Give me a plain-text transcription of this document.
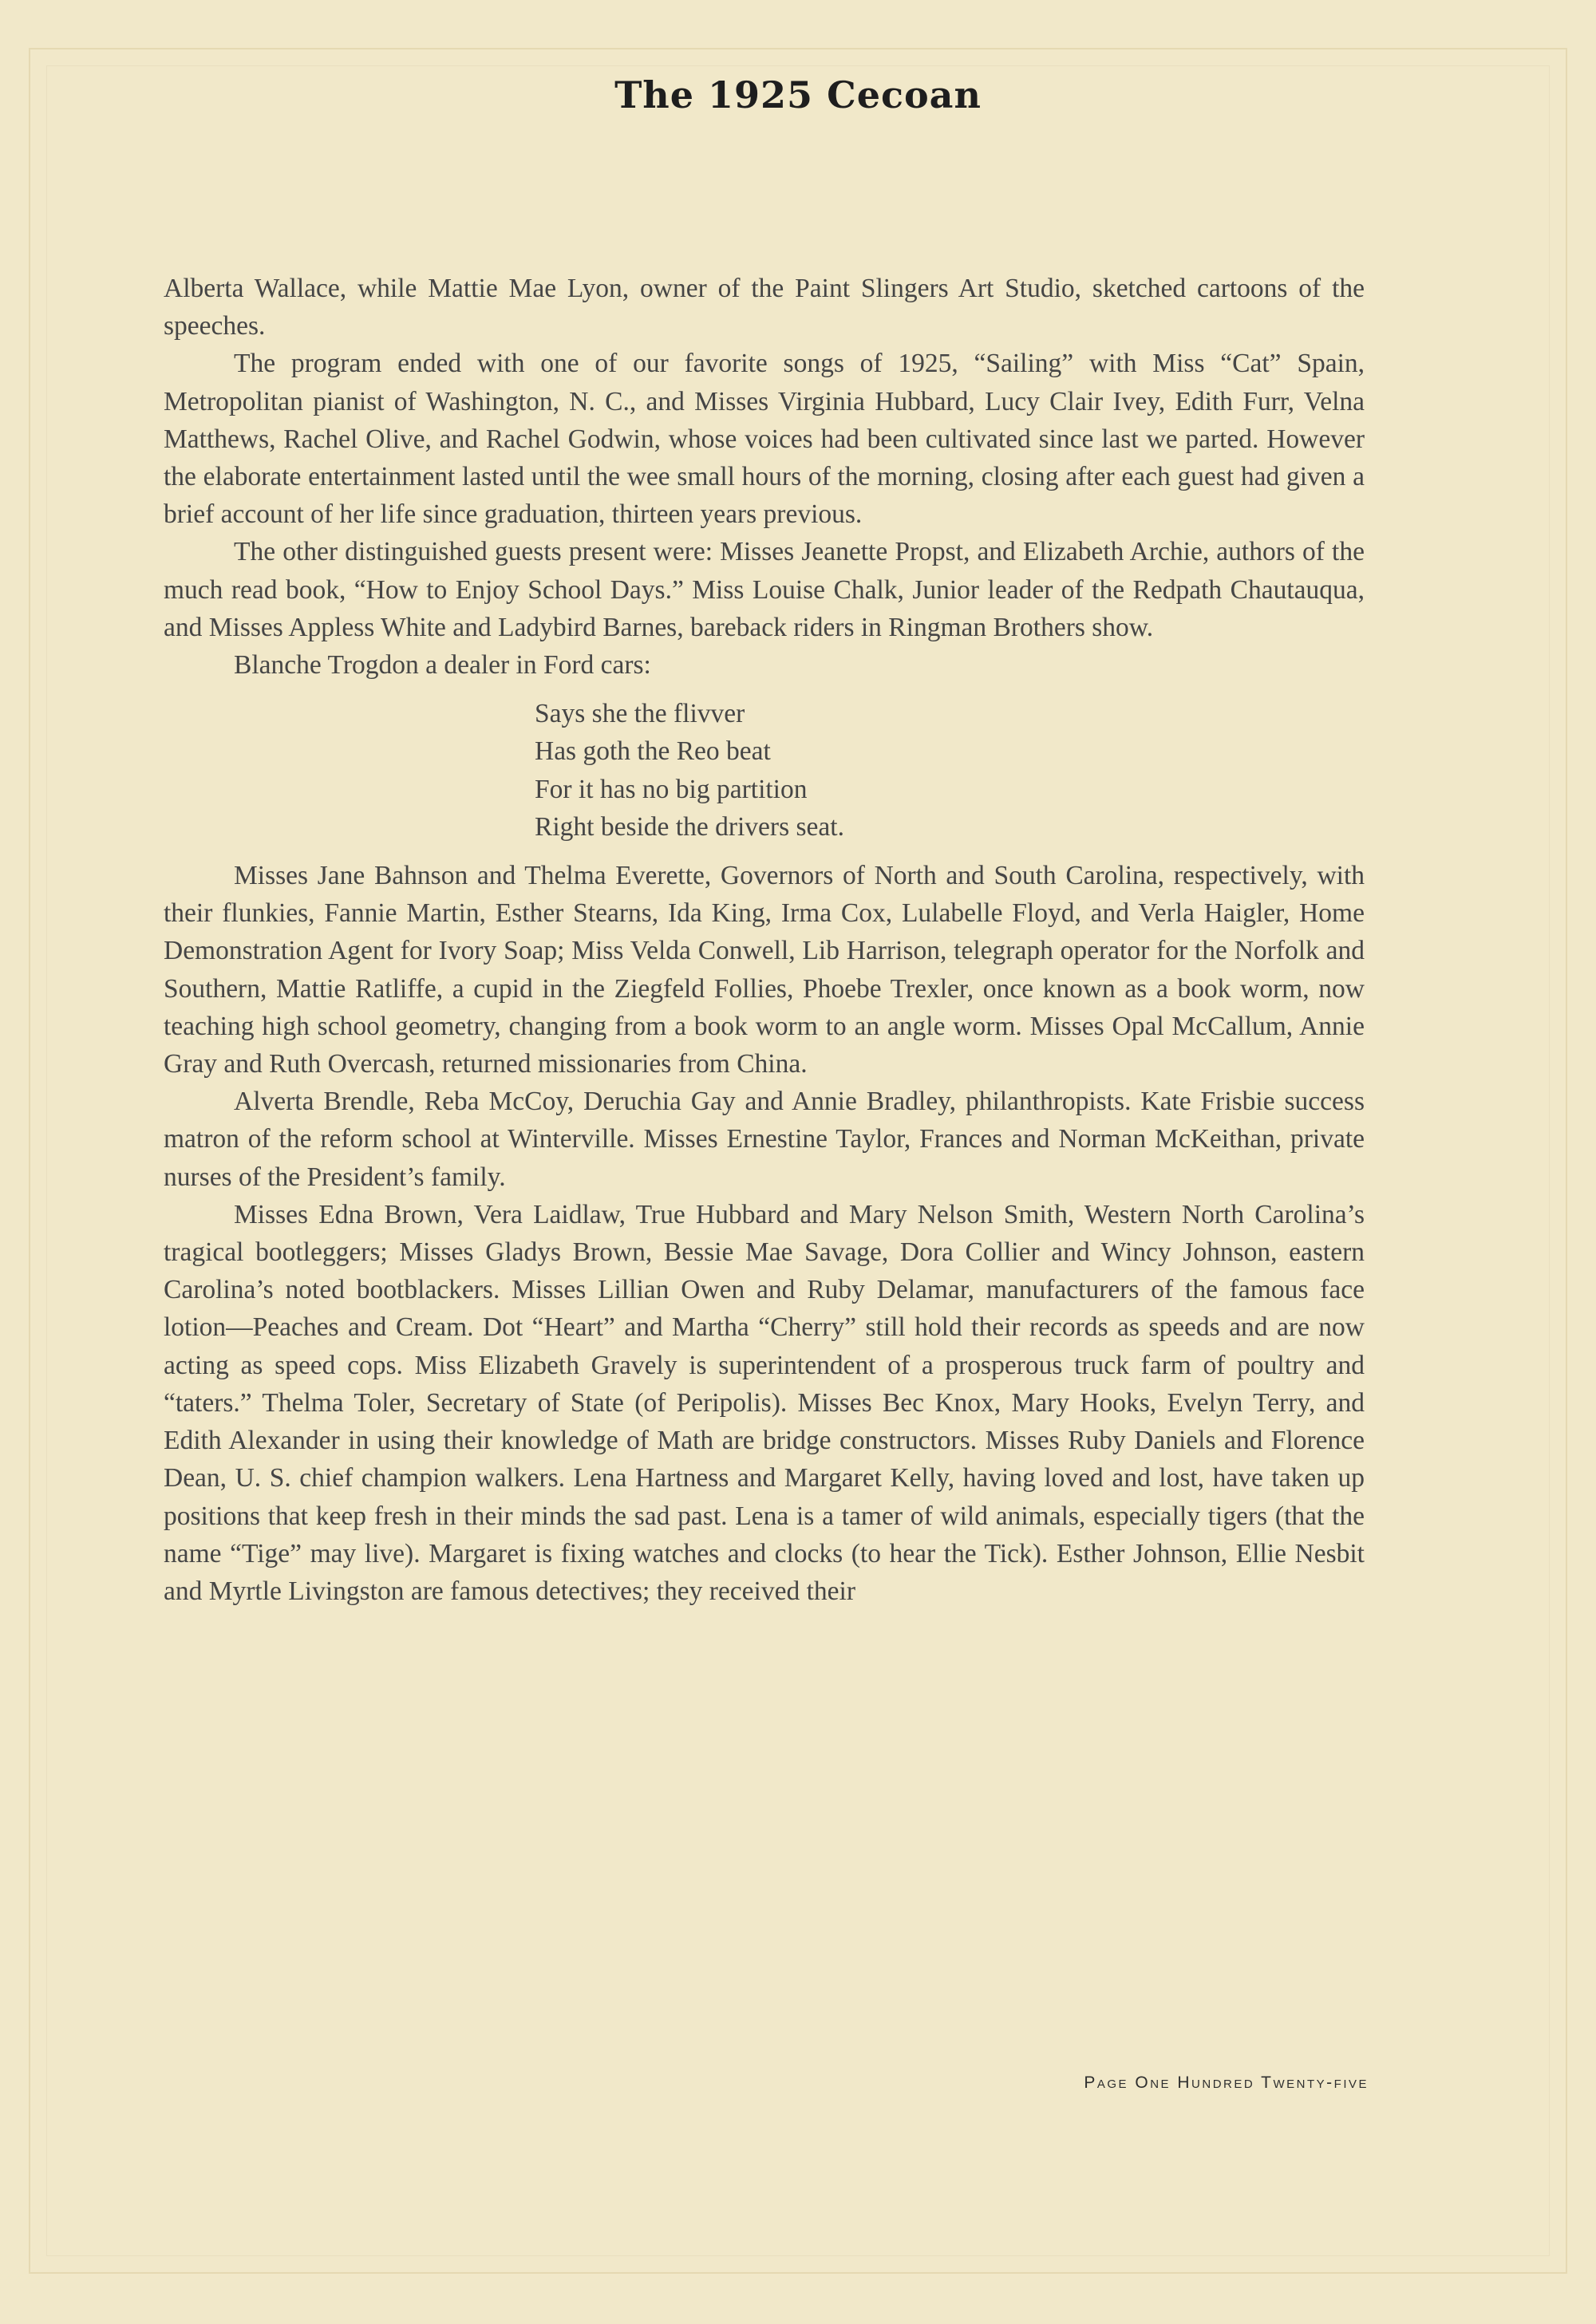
The 1925 Cecoan

Alberta Wallace, while Mattie Mae Lyon, owner of the Paint Slingers Art Studio, sketched cartoons of the speeches.

The program ended with one of our favorite songs of 1925, “Sailing” with Miss “Cat” Spain, Metropolitan pianist of Washington, N. C., and Misses Virginia Hubbard, Lucy Clair Ivey, Edith Furr, Velna Matthews, Rachel Olive, and Rachel Godwin, whose voices had been cultivated since last we parted. However the elaborate entertainment lasted until the wee small hours of the morning, closing after each guest had given a brief account of her life since graduation, thirteen years previous.

The other distinguished guests present were: Misses Jeanette Propst, and Elizabeth Archie, authors of the much read book, “How to Enjoy School Days.” Miss Louise Chalk, Junior leader of the Redpath Chautauqua, and Misses Appless White and Ladybird Barnes, bareback riders in Ringman Brothers show.

Blanche Trogdon a dealer in Ford cars:

Says she the flivver
Has goth the Reo beat
For it has no big partition
Right beside the drivers seat.

Misses Jane Bahnson and Thelma Everette, Governors of North and South Carolina, respectively, with their flunkies, Fannie Martin, Esther Stearns, Ida King, Irma Cox, Lulabelle Floyd, and Verla Haigler, Home Demonstration Agent for Ivory Soap; Miss Velda Conwell, Lib Harrison, telegraph operator for the Norfolk and Southern, Mattie Ratliffe, a cupid in the Ziegfeld Follies, Phoebe Trexler, once known as a book worm, now teaching high school geometry, changing from a book worm to an angle worm. Misses Opal McCallum, Annie Gray and Ruth Overcash, returned missionaries from China.

Alverta Brendle, Reba McCoy, Deruchia Gay and Annie Bradley, philanthropists. Kate Frisbie success matron of the reform school at Winterville. Misses Ernestine Taylor, Frances and Norman McKeithan, private nurses of the President’s family.

Misses Edna Brown, Vera Laidlaw, True Hubbard and Mary Nelson Smith, Western North Carolina’s tragical bootleggers; Misses Gladys Brown, Bessie Mae Savage, Dora Collier and Wincy Johnson, eastern Carolina’s noted bootblackers. Misses Lillian Owen and Ruby Delamar, manufacturers of the famous face lotion—Peaches and Cream. Dot “Heart” and Martha “Cherry” still hold their records as speeds and are now acting as speed cops. Miss Elizabeth Gravely is superintendent of a prosperous truck farm of poultry and “taters.” Thelma Toler, Secretary of State (of Peripolis). Misses Bec Knox, Mary Hooks, Evelyn Terry, and Edith Alexander in using their knowledge of Math are bridge constructors. Misses Ruby Daniels and Florence Dean, U. S. chief champion walkers. Lena Hartness and Margaret Kelly, having loved and lost, have taken up positions that keep fresh in their minds the sad past. Lena is a tamer of wild animals, especially tigers (that the name “Tige” may live). Margaret is fixing watches and clocks (to hear the Tick). Esther Johnson, Ellie Nesbit and Myrtle Livingston are famous detectives; they received their

Page One Hundred Twenty-five
